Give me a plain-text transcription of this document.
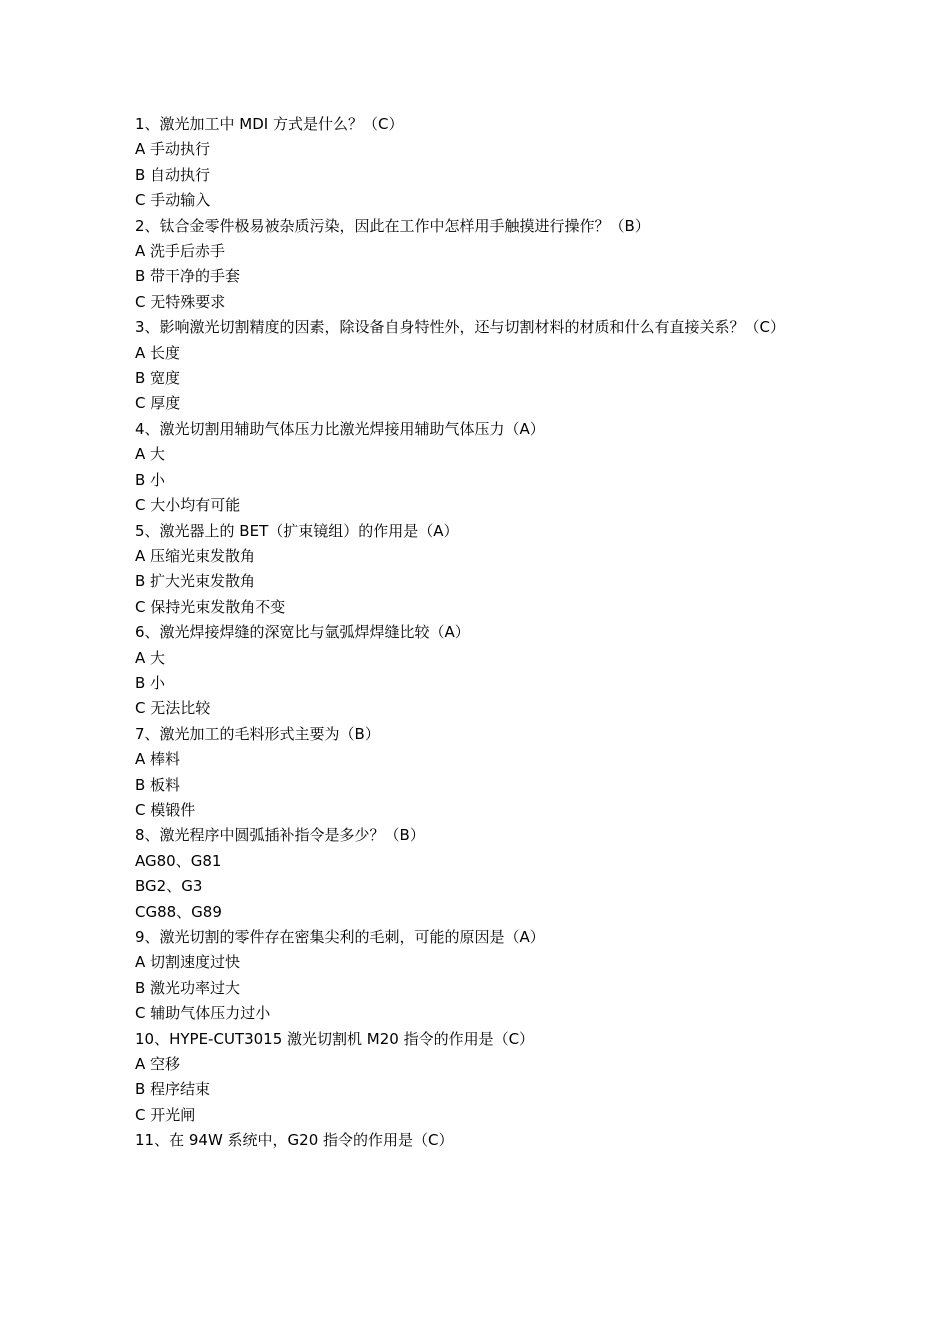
1、激光加工中 MDI 方式是什么？（C）
A 手动执行
B 自动执行
C 手动输入
2、钛合金零件极易被杂质污染，因此在工作中怎样用手触摸进行操作？（B）
A 洗手后赤手
B 带干净的手套
C 无特殊要求
3、影响激光切割精度的因素，除设备自身特性外，还与切割材料的材质和什么有直接关系？（C）
A 长度
B 宽度
C 厚度
4、激光切割用辅助气体压力比激光焊接用辅助气体压力（A）
A 大
B 小
C 大小均有可能
5、激光器上的 BET（扩束镜组）的作用是（A）
A 压缩光束发散角
B 扩大光束发散角
C 保持光束发散角不变
6、激光焊接焊缝的深宽比与氩弧焊焊缝比较（A）
A 大
B 小
C 无法比较
7、激光加工的毛料形式主要为（B）
A 棒料
B 板料
C 模锻件
8、激光程序中圆弧插补指令是多少？（B）
AG80、G81
BG2、G3
CG88、G89
9、激光切割的零件存在密集尖利的毛刺，可能的原因是（A）
A 切割速度过快
B 激光功率过大
C 辅助气体压力过小
10、HYPE-CUT3015 激光切割机 M20 指令的作用是（C）
A 空移
B 程序结束
C 开光闸
11、在 94W 系统中，G20 指令的作用是（C）
